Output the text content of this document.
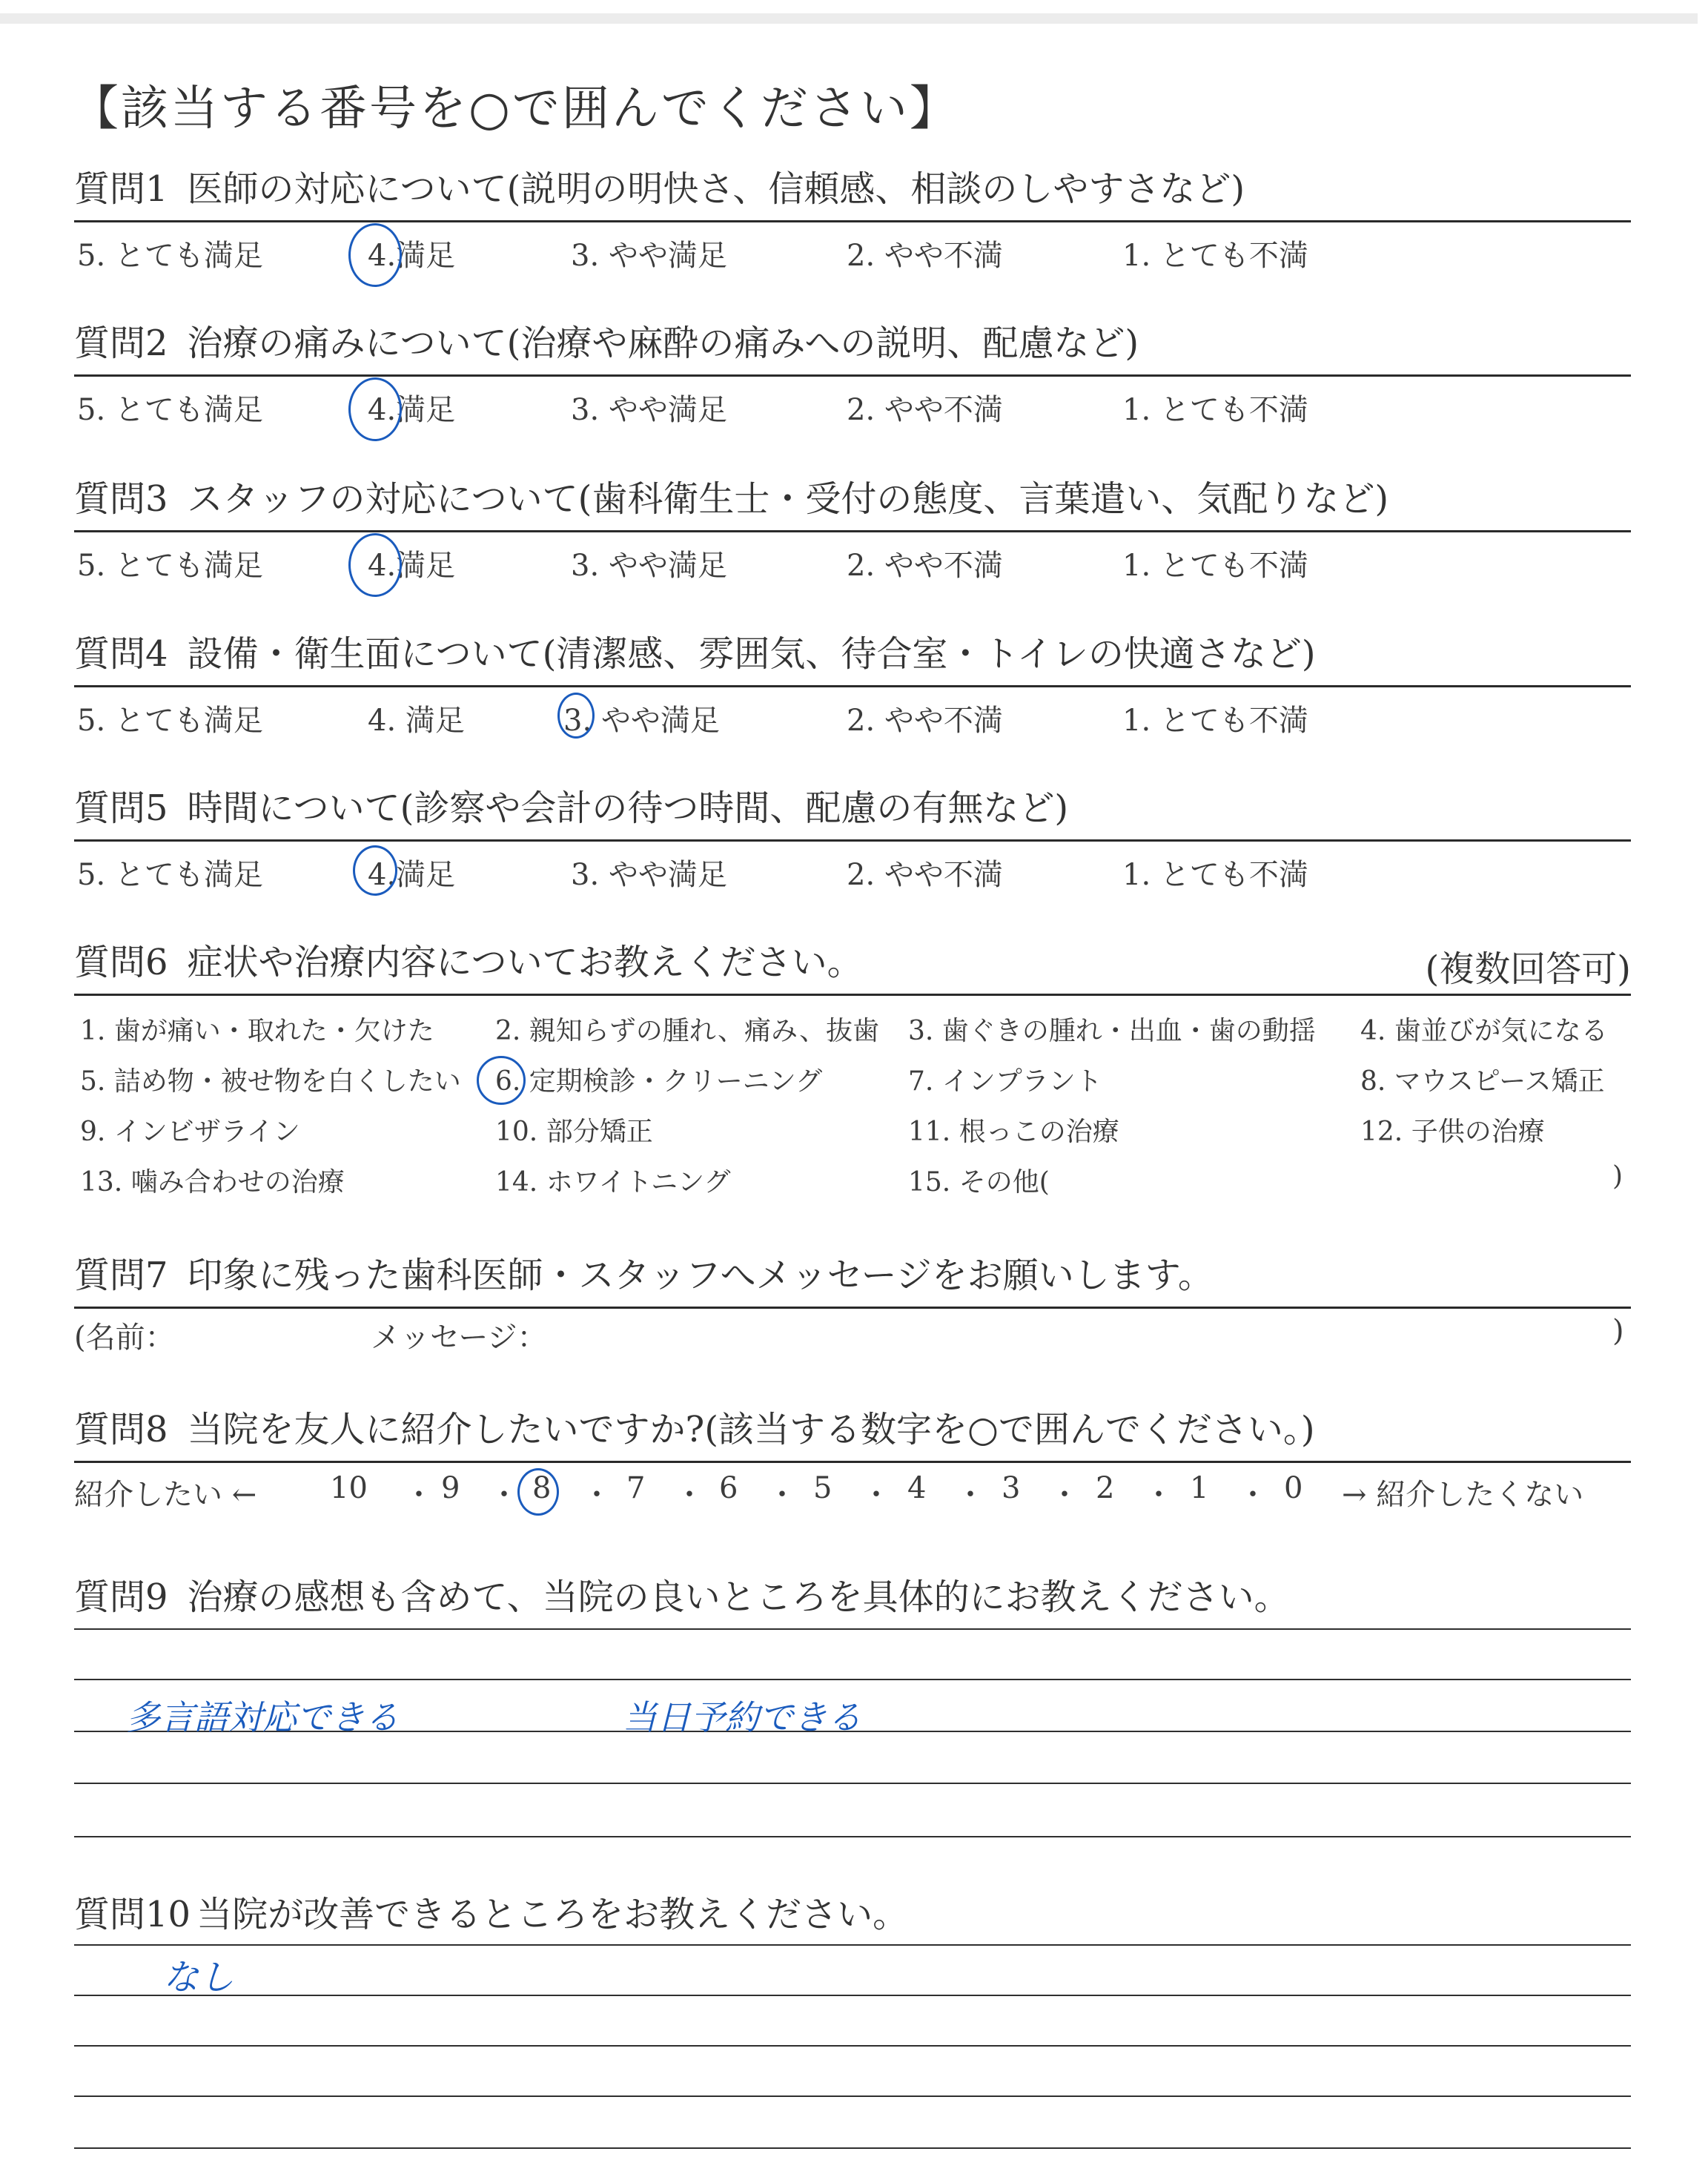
【該当する番号を○で囲んでください】
質問1 医師の対応について(説明の明快さ、信頼感、相談のしやすさなど)
5. とても満足	4.満足	3. やや満足	2. やや不満	1. とても不満
質問2 治療の痛みについて(治療や麻酔の痛みへの説明、配慮など)
5. とても満足	4.満足	3. やや満足	2. やや不満	1. とても不満
質問3 スタッフの対応について(歯科衛生士・受付の態度、言葉遣い、気配りなど)
5. とても満足	4.満足	3. やや満足	2. やや不満	1. とても不満
質問4 設備・衛生面について(清潔感、雰囲気、待合室・トイレの快適さなど)
5. とても満足	4. 満足	3. やや満足	2. やや不満	1. とても不満
質問5 時間について(診察や会計の待つ時間、配慮の有無など)
5. とても満足	4.満足	3. やや満足	2. やや不満	1. とても不満
質問6 症状や治療内容についてお教えください。	(複数回答可)
1. 歯が痛い・取れた・欠けた 2. 親知らずの腫れ、痛み、抜歯 3. 歯ぐきの腫れ・出血・歯の動揺 4. 歯並びが気になる
5. 詰め物・被せ物を白くしたい 6. 定期検診・クリーニング	7. インプラント	8. マウスピース矯正
9. インビザライン	10. 部分矯正	11. 根っこの治療	12. 子供の治療
13. 噛み合わせの治療	14. ホワイトニング	15. その他(	)
質問7 印象に残った歯科医師・スタッフへメッセージをお願いします。
(名前：	メッセージ：	)
質問8 当院を友人に紹介したいですか?(該当する数字を○で囲んでください。)
紹介したい ←	→ 紹介したくない
10 ・ 9 ・ 8 ・ 7 ・ 6 ・ 5 ・ 4 ・ 3 ・ 2 ・ 1 ・ 0
質問9 治療の感想も含めて、当院の良いところを具体的にお教えください。
多言語対応できる	当日予約できる
質問10 当院が改善できるところをお教えください。
なし
